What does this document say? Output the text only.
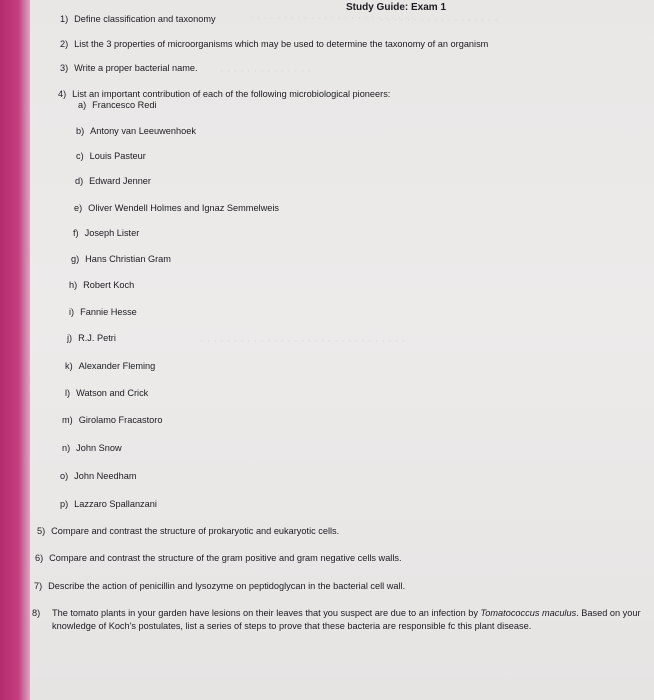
· · · · · · · · · · · · · · · · · · · · · · · · ·
· · · · · · · · · · · · · · · · · ·
· · · · · · · · · · · · · ·
· · · · · · · · · · · · · · · · · · · · · · · · · · · · · · ·
Study Guide: Exam 1
1) Define classification and taxonomy
2) List the 3 properties of microorganisms which may be used to determine the taxonomy of an organism
3) Write a proper bacterial name.
4) List an important contribution of each of the following microbiological pioneers:
a) Francesco Redi
b) Antony van Leeuwenhoek
c) Louis Pasteur
d) Edward Jenner
e) Oliver Wendell Holmes and Ignaz Semmelweis
f) Joseph Lister
g) Hans Christian Gram
h) Robert Koch
i) Fannie Hesse
j) R.J. Petri
k) Alexander Fleming
l) Watson and Crick
m) Girolamo Fracastoro
n) John Snow
o) John Needham
p) Lazzaro Spallanzani
5) Compare and contrast the structure of prokaryotic and eukaryotic cells.
6) Compare and contrast the structure of the gram positive and gram negative cells walls.
7) Describe the action of penicillin and lysozyme on peptidoglycan in the bacterial cell wall.
8) The tomato plants in your garden have lesions on their leaves that you suspect are due to an infection by Tomatococcus maculus. Based on your knowledge of Koch's postulates, list a series of steps to prove that these bacteria are responsible fc this plant disease.
